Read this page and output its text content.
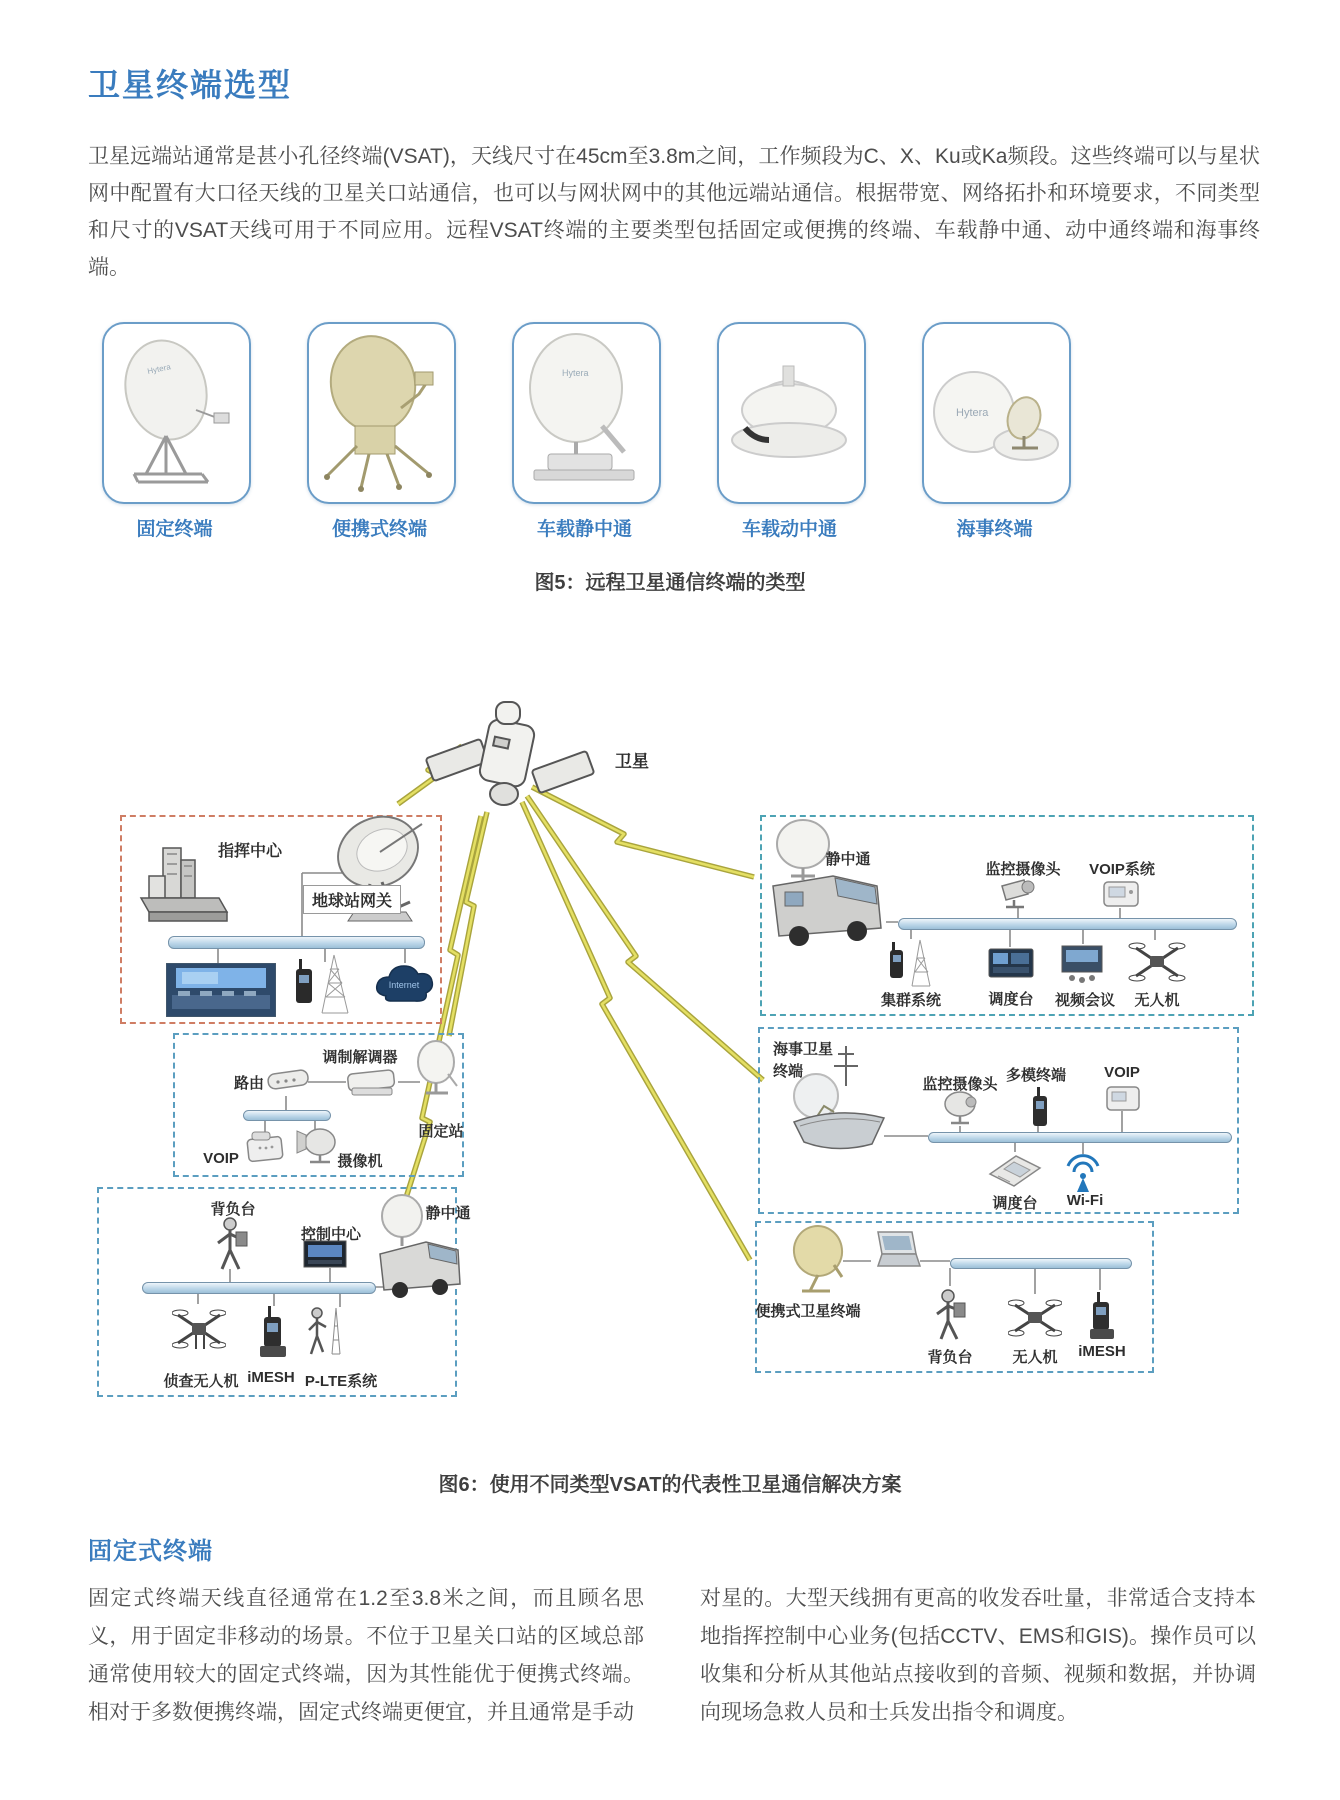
卫星终端选型

卫星远端站通常是甚小孔径终端(VSAT)，天线尺寸在45cm至3.8m之间，工作频段为C、X、Ku或Ka频段。这些终端可以与星状网中配置有大口径天线的卫星关口站通信，也可以与网状网中的其他远端站通信。根据带宽、网络拓扑和环境要求，不同类型和尺寸的VSAT天线可用于不同应用。远程VSAT终端的主要类型包括固定或便携的终端、车载静中通、动中通终端和海事终端。

Hytera	Hytera
Hytera
固定终端	便携式终端	车载静中通	车载动中通	海事终端
图5：远程卫星通信终端的类型
卫星
指挥中心
地球站网关
Internet
路由
调制解调器
固定站
VOIP	摄像机
背负台
控制中心
静中通
侦查无人机 iMESH P-LTE系统
静中通
监控摄像头 VOIP系统
集群系统	调度台 视频会议 无人机
海事卫星
终端
监控摄像头
多模终端	VOIP
调度台 Wi-Fi
便携式卫星终端
背负台	无人机 iMESH
图6：使用不同类型VSAT的代表性卫星通信解决方案
固定式终端

固定式终端天线直径通常在1.2至3.8米之间，而且顾名思义，用于固定非移动的场景。不位于卫星关口站的区域总部通常使用较大的固定式终端，因为其性能优于便携式终端。相对于多数便携终端，固定式终端更便宜，并且通常是手动

对星的。大型天线拥有更高的收发吞吐量，非常适合支持本地指挥控制中心业务(包括CCTV、EMS和GIS)。操作员可以收集和分析从其他站点接收到的音频、视频和数据，并协调向现场急救人员和士兵发出指令和调度。
